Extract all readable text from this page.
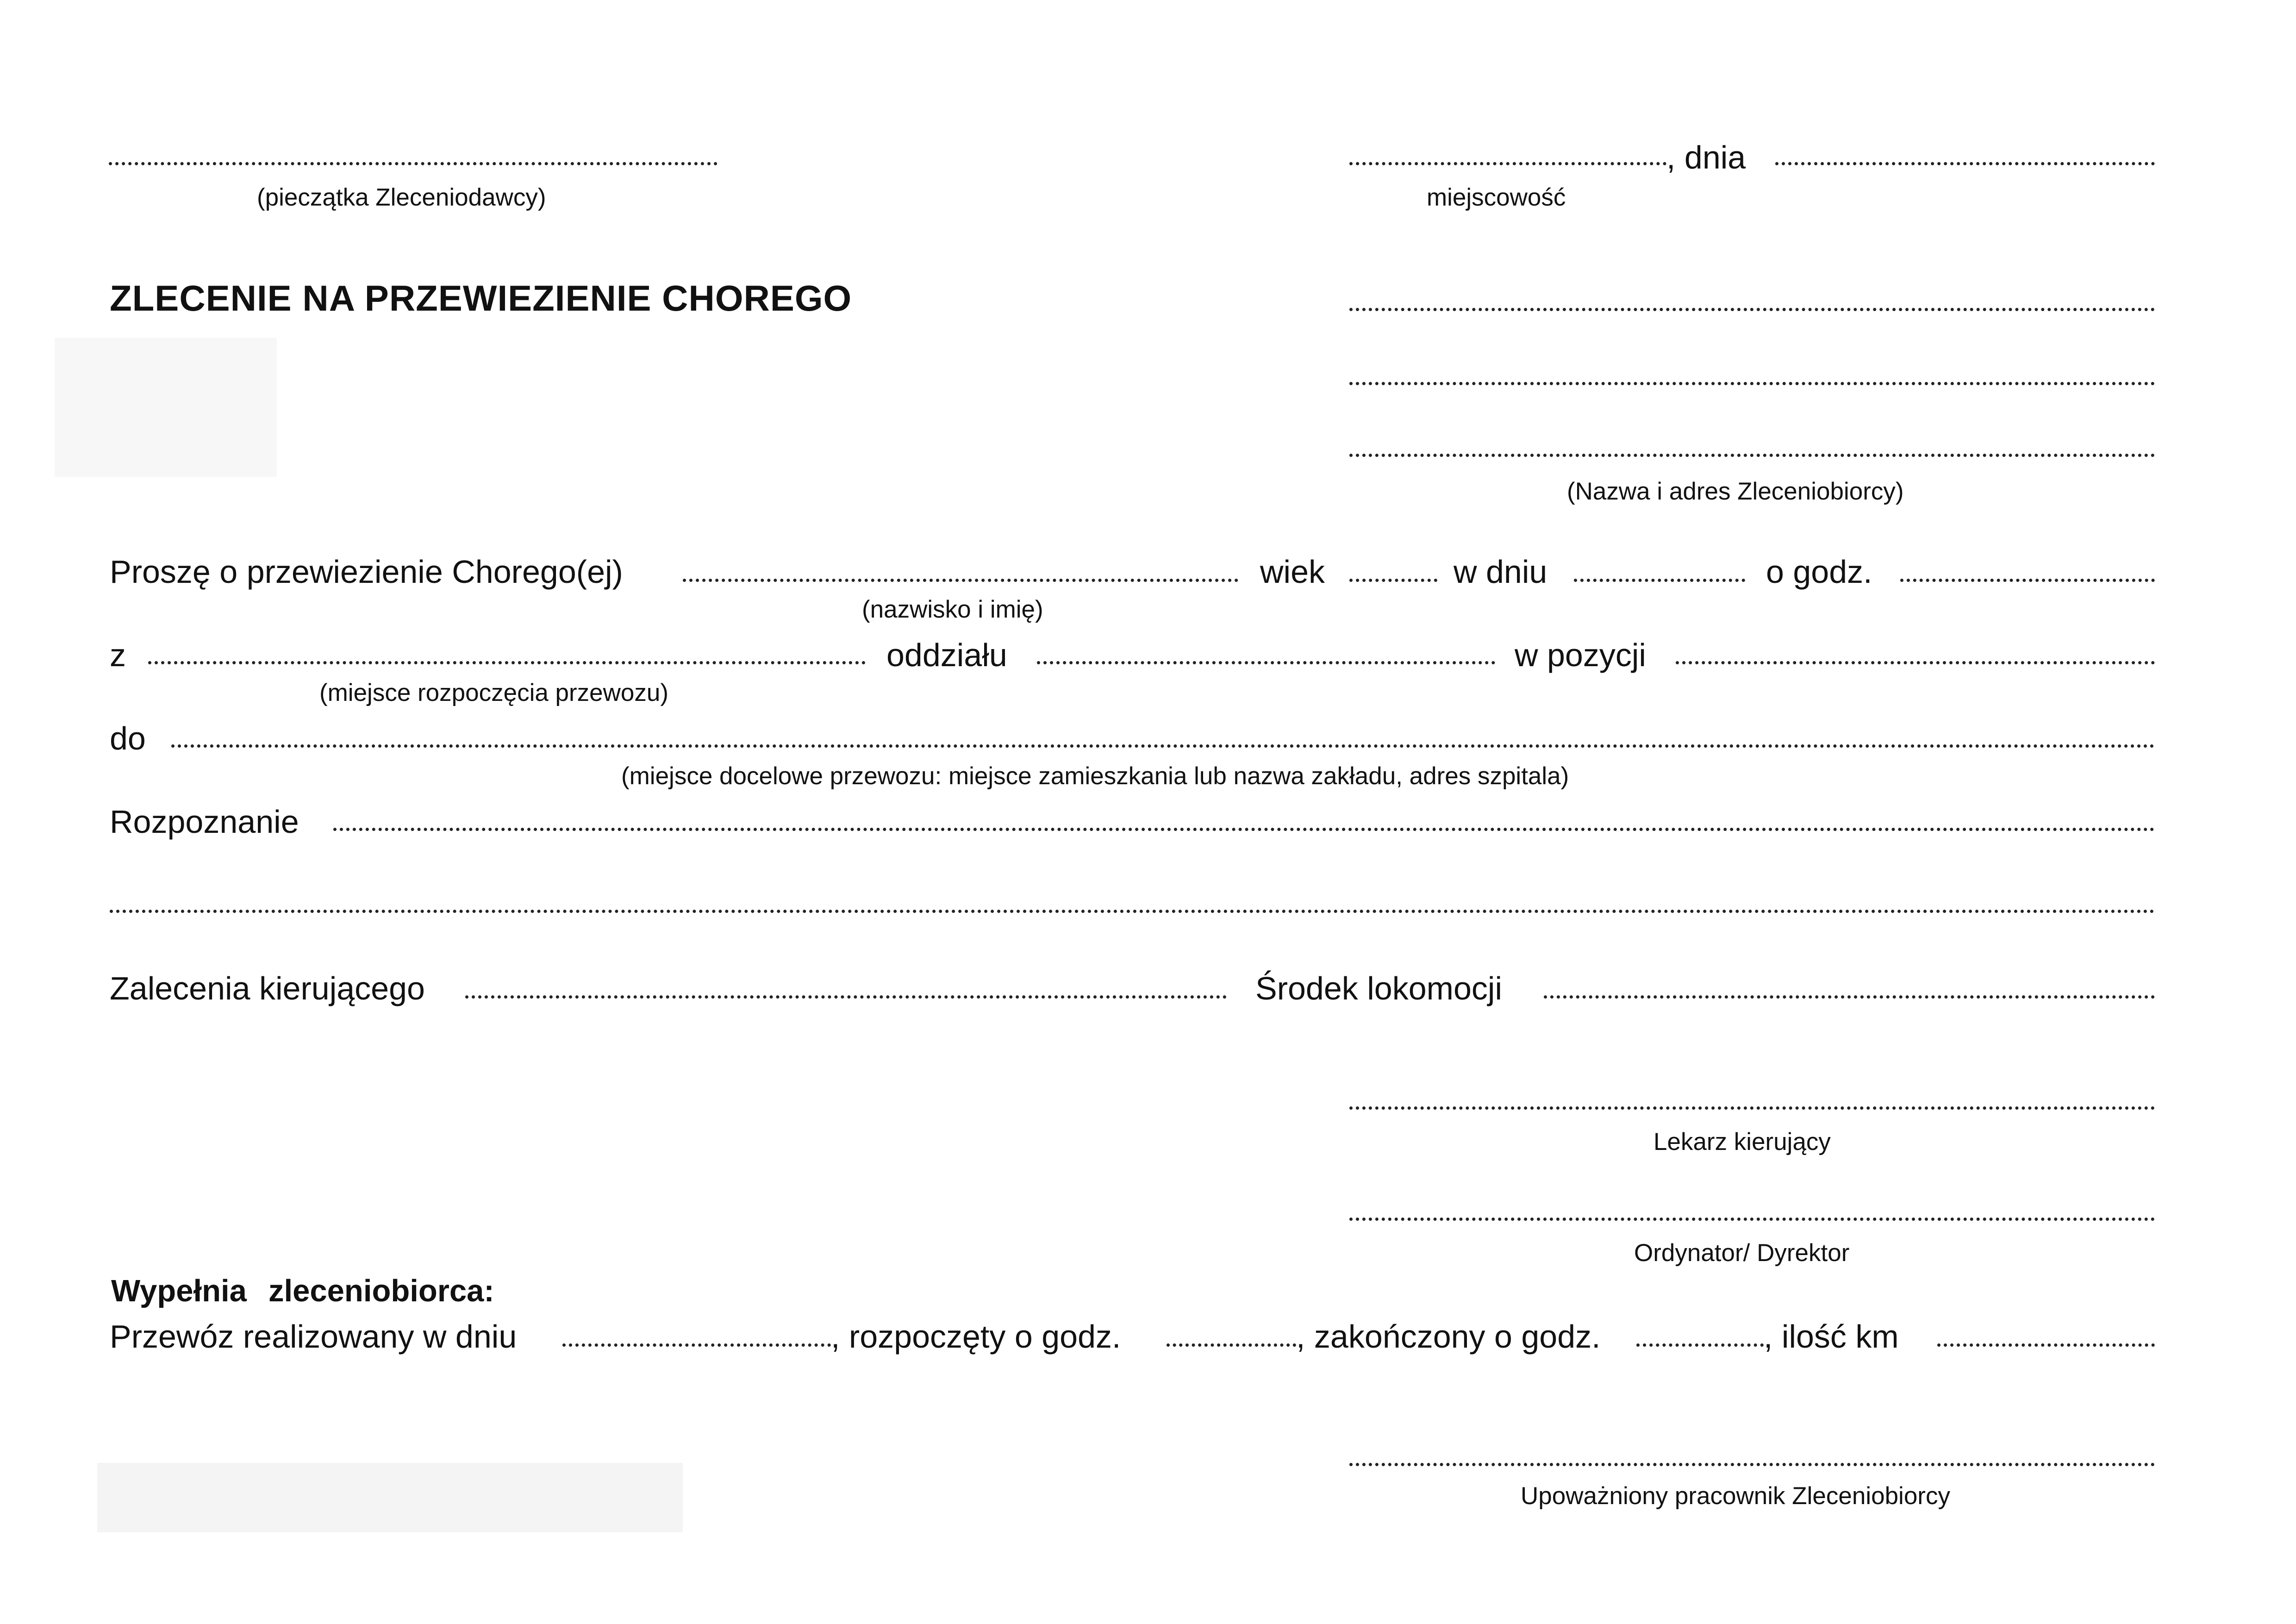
(pieczątka Zleceniodawcy)
, dnia
miejscowość
ZLECENIE NA PRZEWIEZIENIE CHOREGO
(Nazwa i adres Zleceniobiorcy)
Proszę o przewiezienie Chorego(ej)	wiek	w dniu	o godz.
(nazwisko i imię)
z	oddziału	w pozycji
(miejsce rozpoczęcia przewozu)
do
(miejsce docelowe przewozu: miejsce zamieszkania lub nazwa zakładu, adres szpitala)
Rozpoznanie
Zalecenia kierującego	Środek lokomocji
Lekarz kierujący
Ordynator/ Dyrektor
Wypełnia zleceniobiorca:
Przewóz realizowany w dniu	, rozpoczęty o godz.	, zakończony o godz.	, ilość km
Upoważniony pracownik Zleceniobiorcy
